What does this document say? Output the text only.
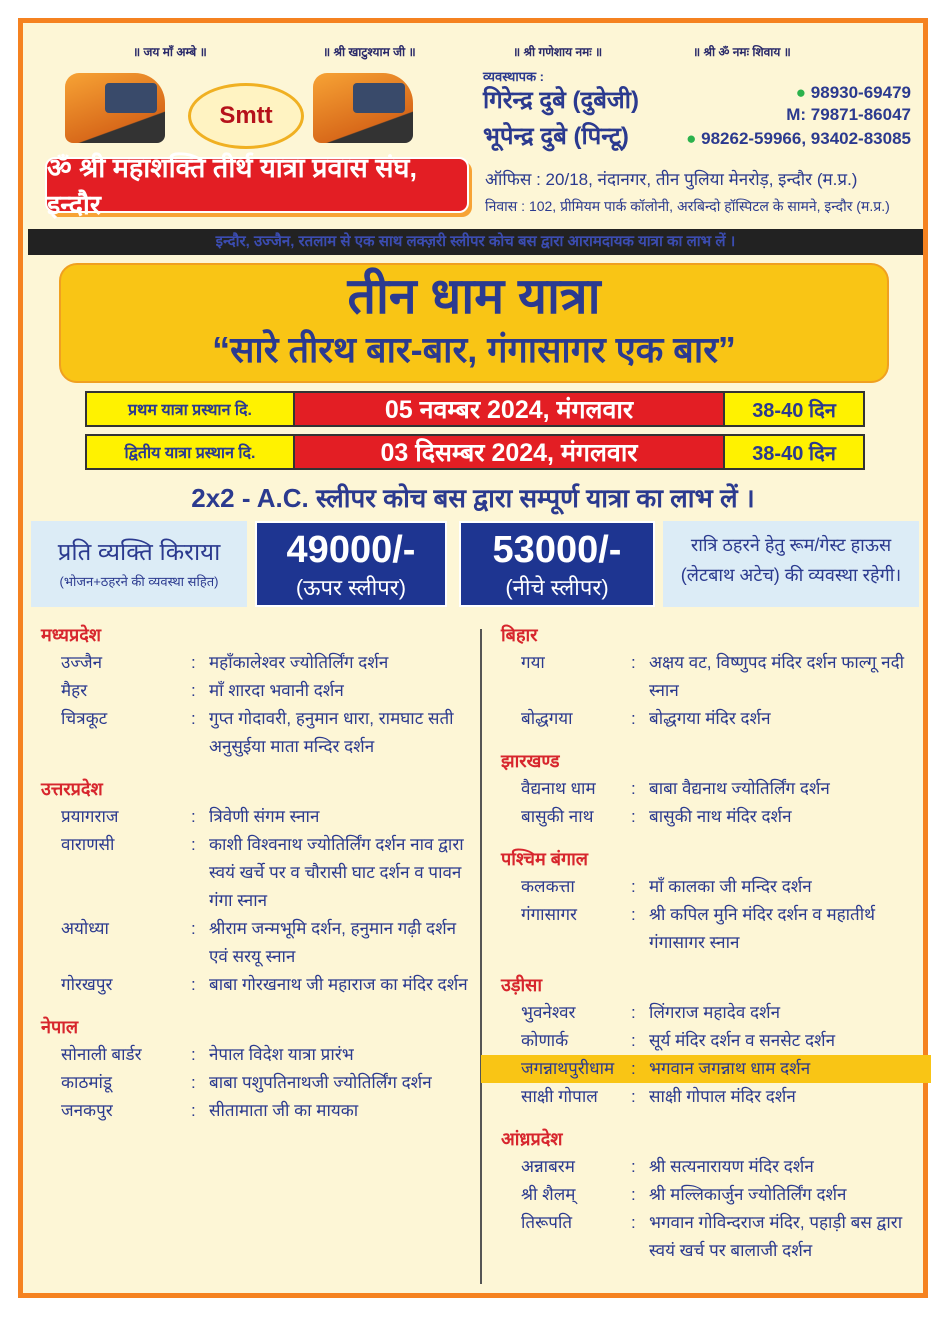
॥ जय माँ अम्बे ॥	॥ श्री खाटुश्याम जी ॥	॥ श्री गणेशाय नमः ॥	॥ श्री ॐ नमः शिवाय ॥
Smtt
ॐ श्री महाशक्ति तीर्थ यात्रा प्रवास संघ, इन्दौर
व्यवस्थापक :
गिरेन्द्र दुबे (दुबेजी)
भूपेन्द्र दुबे (पिन्टू)
● 98930-69479
M: 79871-86047
● 98262-59966, 93402-83085
ऑफिस : 20/18, नंदानगर, तीन पुलिया मेनरोड़, इन्दौर (म.प्र.)
निवास : 102, प्रीमियम पार्क कॉलोनी, अरबिन्दो हॉस्पिटल के सामने, इन्दौर (म.प्र.)
इन्दौर, उज्जैन, रतलाम से एक साथ लक्ज़री स्लीपर कोच बस द्वारा आरामदायक यात्रा का लाभ लें ।
तीन धाम यात्रा
“सारे तीरथ बार-बार, गंगासागर एक बार”
प्रथम यात्रा प्रस्थान दि.	05 नवम्बर 2024, मंगलवार	38-40 दिन
द्वितीय यात्रा प्रस्थान दि.	03 दिसम्बर 2024, मंगलवार	38-40 दिन
2x2 - A.C. स्लीपर कोच बस द्वारा सम्पूर्ण यात्रा का लाभ लें ।
प्रति व्यक्ति किराया
(भोजन+ठहरने की व्यवस्था सहित)
49000/-
(ऊपर स्लीपर)
53000/-
(नीचे स्लीपर)
रात्रि ठहरने हेतु रूम/गेस्ट हाऊस
(लेटबाथ अटेच) की व्यवस्था रहेगी।
मध्यप्रदेश
उज्जैन	: महाँकालेश्वर ज्योतिर्लिंग दर्शन
मैहर	: माँ शारदा भवानी दर्शन
चित्रकूट	: गुप्त गोदावरी, हनुमान धारा, रामघाट सती अनुसुईया माता मन्दिर दर्शन
उत्तरप्रदेश
प्रयागराज	: त्रिवेणी संगम स्नान
वाराणसी	: काशी विश्वनाथ ज्योतिर्लिंग दर्शन नाव द्वारा स्वयं खर्चे पर व चौरासी घाट दर्शन व पावन गंगा स्नान
अयोध्या	: श्रीराम जन्मभूमि दर्शन, हनुमान गढ़ी दर्शन एवं सरयू स्नान
गोरखपुर	: बाबा गोरखनाथ जी महाराज का मंदिर दर्शन
नेपाल
सोनाली बार्डर	: नेपाल विदेश यात्रा प्रारंभ
काठमांडू	: बाबा पशुपतिनाथजी ज्योतिर्लिंग दर्शन
जनकपुर	: सीतामाता जी का मायका
बिहार
गया	: अक्षय वट, विष्णुपद मंदिर दर्शन फाल्गू नदी स्नान
बोद्धगया	: बोद्धगया मंदिर दर्शन
झारखण्ड
वैद्यनाथ धाम	: बाबा वैद्यनाथ ज्योतिर्लिंग दर्शन
बासुकी नाथ	: बासुकी नाथ मंदिर दर्शन
पश्चिम बंगाल
कलकत्ता	: माँ कालका जी मन्दिर दर्शन
गंगासागर	: श्री कपिल मुनि मंदिर दर्शन व महातीर्थ गंगासागर स्नान
उड़ीसा
भुवनेश्वर	: लिंगराज महादेव दर्शन
कोणार्क	: सूर्य मंदिर दर्शन व सनसेट दर्शन
जगन्नाथपुरीधाम : भगवान जगन्नाथ धाम दर्शन
साक्षी गोपाल	: साक्षी गोपाल मंदिर दर्शन
आंध्रप्रदेश
अन्नाबरम	: श्री सत्यनारायण मंदिर दर्शन
श्री शैलम्	: श्री मल्लिकार्जुन ज्योतिर्लिंग दर्शन
तिरूपति	: भगवान गोविन्दराज मंदिर, पहाड़ी बस द्वारा स्वयं खर्च पर बालाजी दर्शन
